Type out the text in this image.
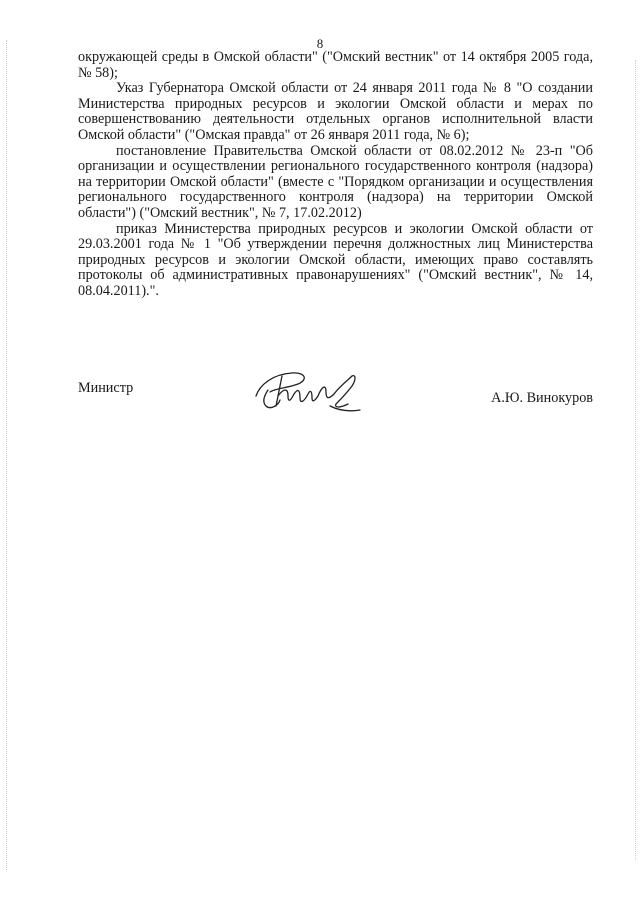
8

окружающей среды в Омской области" ("Омский вестник" от 14 октября 2005 года, № 58);

Указ Губернатора Омской области от 24 января 2011 года № 8 "О создании Министерства природных ресурсов и экологии Омской области и мерах по совершенствованию деятельности отдельных органов исполнительной власти Омской области" ("Омская правда" от 26 января 2011 года, № 6);

постановление Правительства Омской области от 08.02.2012 № 23-п "Об организации и осуществлении регионального государственного контроля (надзора) на территории Омской области" (вместе с "Порядком организации и осуществления регионального государственного контроля (надзора) на территории Омской области") ("Омский вестник", № 7, 17.02.2012)

приказ Министерства природных ресурсов и экологии Омской области от 29.03.2001 года № 1 "Об утверждении перечня должностных лиц Министерства природных ресурсов и экологии Омской области, имеющих право составлять протоколы об административных правонарушениях" ("Омский вестник", № 14, 08.04.2011).".

Министр
А.Ю. Винокуров
